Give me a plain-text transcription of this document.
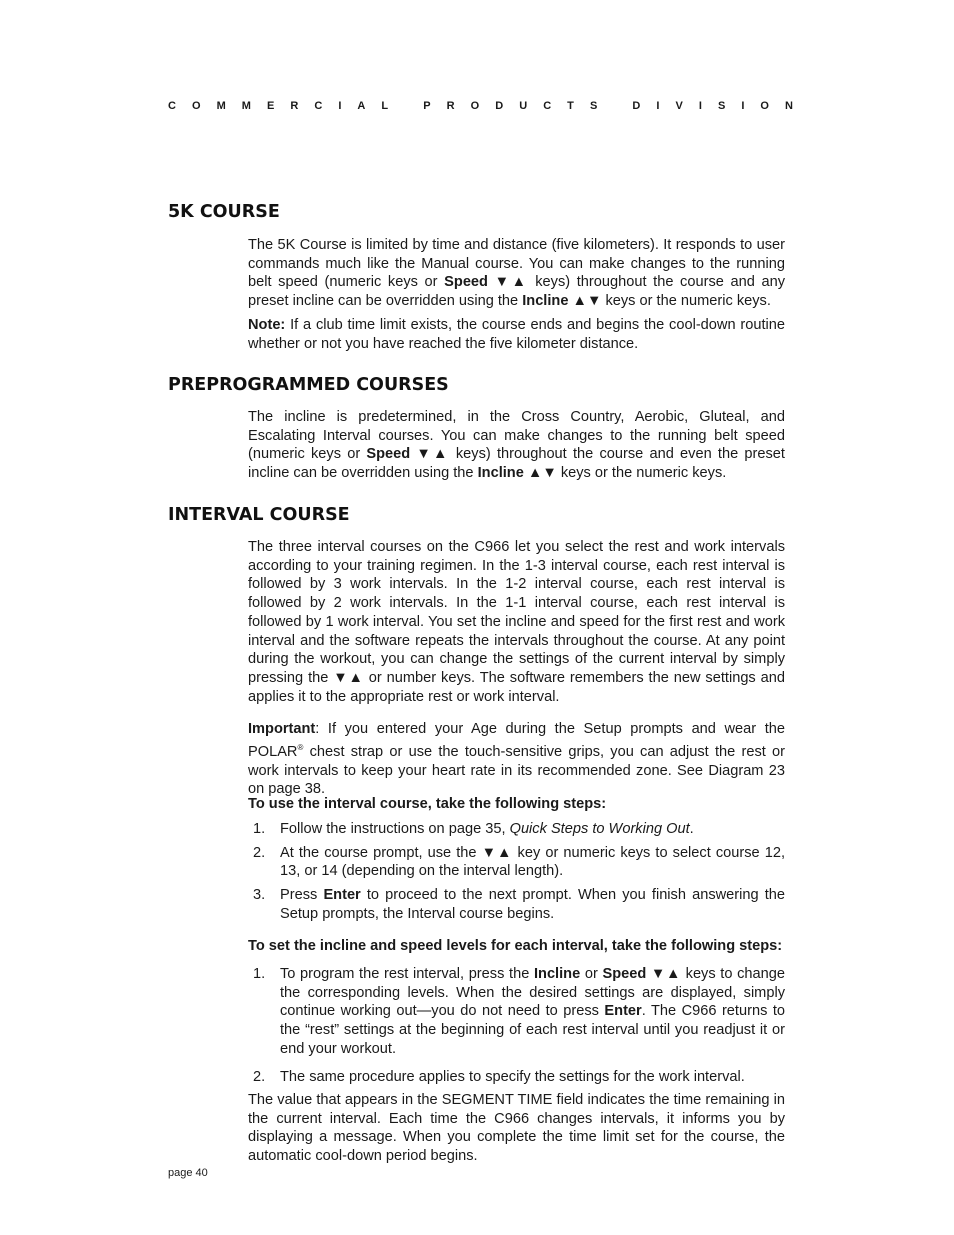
C O M M E R C I A L
	P R O D U C T S
	D I V I S I O N
5K COURSE

The 5K Course is limited by time and distance (five kilometers). It responds to user commands much like the Manual course. You can make changes to the running belt speed (numeric keys or Speed ▼▲ keys) throughout the course and any preset incline can be overridden using the Incline ▲▼ keys or the numeric keys.

Note: If a club time limit exists, the course ends and begins the cool-down routine whether or not you have reached the five kilometer distance.

PREPROGRAMMED COURSES

The incline is predetermined, in the Cross Country, Aerobic, Gluteal, and Escalating Interval courses. You can make changes to the running belt speed (numeric keys or Speed ▼▲ keys) throughout the course and even the preset incline can be overridden using the Incline ▲▼ keys or the numeric keys.

INTERVAL COURSE

The three interval courses on the C966 let you select the rest and work intervals according to your training regimen. In the 1-3 interval course, each rest interval is followed by 3 work intervals. In the 1-2 interval course, each rest interval is followed by 2 work intervals. In the 1-1 interval course, each rest interval is followed by 1 work interval. You set the incline and speed for the first rest and work interval and the software repeats the intervals throughout the course. At any point during the workout, you can change the settings of the current interval by simply pressing the ▼▲ or number keys. The software remembers the new settings and applies it to the appropriate rest or work interval.

Important: If you entered your Age during the Setup prompts and wear the POLAR® chest strap or use the touch-sensitive grips, you can adjust the rest or work intervals to keep your heart rate in its recommended zone. See Diagram 23 on page 38.

To use the interval course, take the following steps:
1.	Follow the instructions on page 35, Quick Steps to Working Out.
2.	At the course prompt, use the ▼▲ key or numeric keys to select course 12, 13, or 14 (depending on the interval length).
3.	Press Enter to proceed to the next prompt. When you finish answering the Setup prompts, the Interval course begins.
To set the incline and speed levels for each interval, take the following steps:
1.	To program the rest interval, press the Incline or Speed ▼▲ keys to change the corresponding levels. When the desired settings are displayed, simply continue working out—you do not need to press Enter. The C966 returns to the “rest” settings at the beginning of each rest interval until you readjust it or end your workout.
2.	The same procedure applies to specify the settings for the work interval.

The value that appears in the SEGMENT TIME field indicates the time remaining in the current interval. Each time the C966 changes intervals, it informs you by displaying a message. When you complete the time limit set for the course, the automatic cool-down period begins.

page 40
